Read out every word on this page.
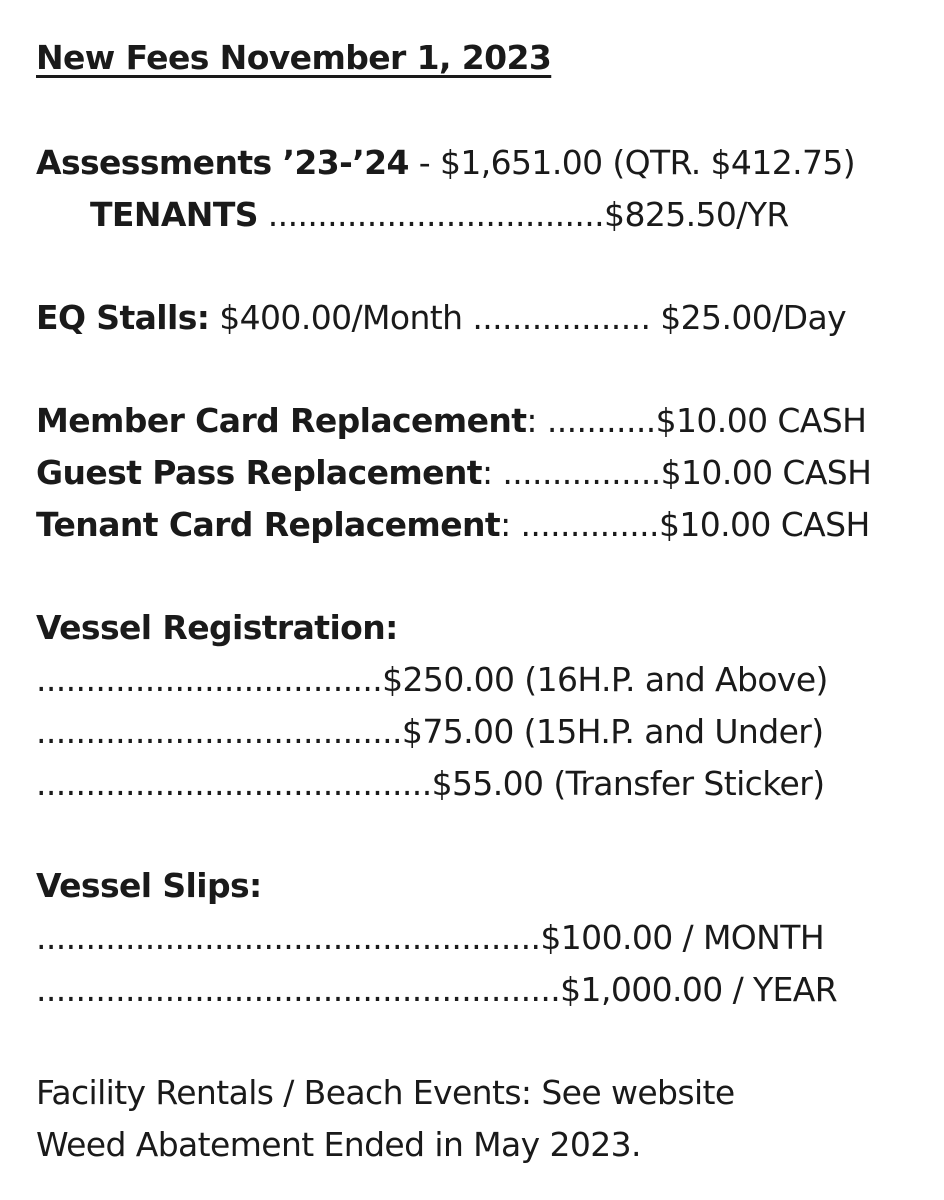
New Fees November 1, 2023
Assessments ’23-’24 - $1,651.00 (QTR. $412.75)
TENANTS ..................................$825.50/YR
EQ Stalls: $400.00/Month .................. $25.00/Day
Member Card Replacement: ...........$10.00 CASH
Guest Pass Replacement: ................$10.00 CASH
Tenant Card Replacement: ..............$10.00 CASH
Vessel Registration:
...................................$250.00 (16H.P. and Above)
.....................................$75.00 (15H.P. and Under)
........................................$55.00 (Transfer Sticker)
Vessel Slips:
...................................................$100.00 / MONTH
.....................................................$1,000.00 / YEAR
Facility Rentals / Beach Events: See website
Weed Abatement Ended in May 2023.
